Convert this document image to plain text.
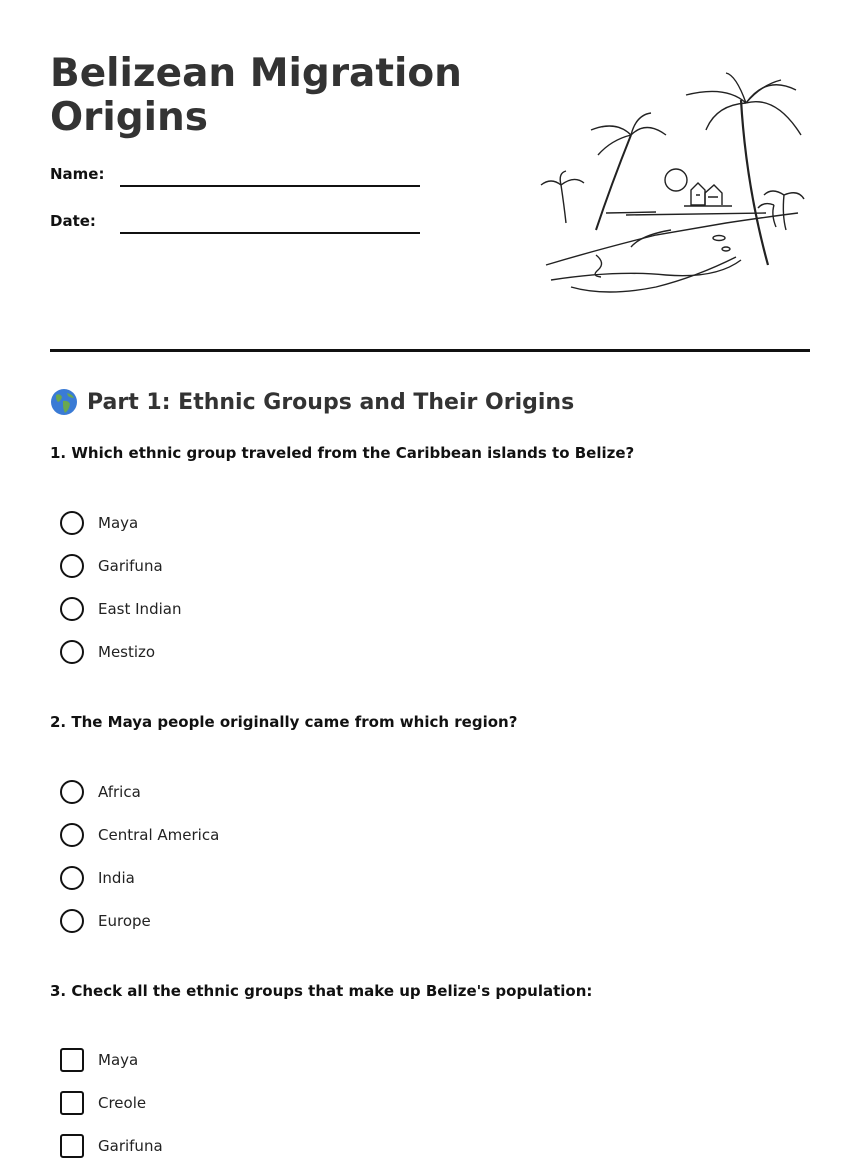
Belizean Migration Origins
Name:
Date:
Part 1: Ethnic Groups and Their Origins
1. Which ethnic group traveled from the Caribbean islands to Belize?
Maya
Garifuna
East Indian
Mestizo
2. The Maya people originally came from which region?
Africa
Central America
India
Europe
3. Check all the ethnic groups that make up Belize's population:
Maya
Creole
Garifuna
